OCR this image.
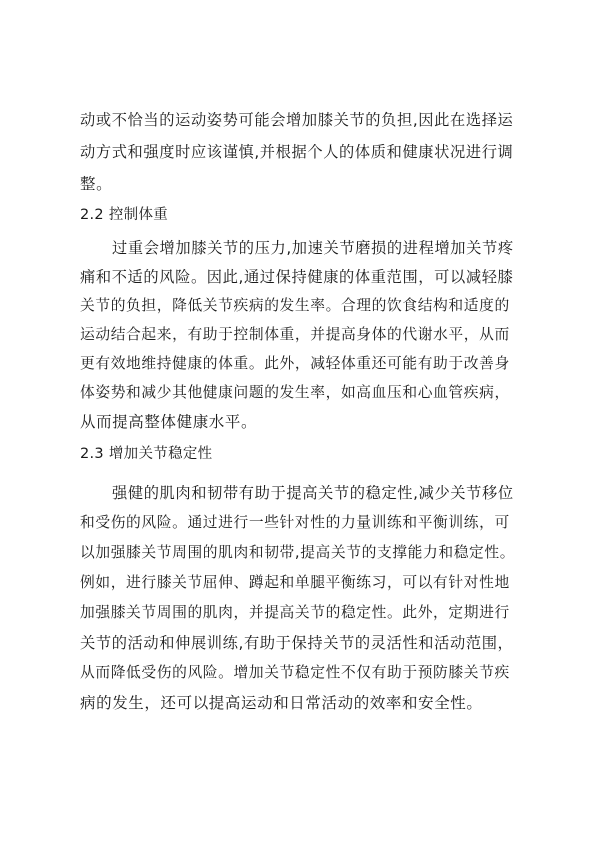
动或不恰当的运动姿势可能会增加膝关节的负担,因此在选择运
动方式和强度时应该谨慎,并根据个人的体质和健康状况进行调
整。
2.2 控制体重
过重会增加膝关节的压力,加速关节磨损的进程增加关节疼
痛和不适的风险。因此,通过保持健康的体重范围，可以减轻膝
关节的负担，降低关节疾病的发生率。合理的饮食结构和适度的
运动结合起来，有助于控制体重，并提高身体的代谢水平，从而
更有效地维持健康的体重。此外，减轻体重还可能有助于改善身
体姿势和减少其他健康问题的发生率，如高血压和心血管疾病，
从而提高整体健康水平。
2.3 增加关节稳定性
强健的肌肉和韧带有助于提高关节的稳定性,减少关节移位
和受伤的风险。通过进行一些针对性的力量训练和平衡训练，可
以加强膝关节周围的肌肉和韧带,提高关节的支撑能力和稳定性。
例如，进行膝关节屈伸、蹲起和单腿平衡练习，可以有针对性地
加强膝关节周围的肌肉，并提高关节的稳定性。此外，定期进行
关节的活动和伸展训练,有助于保持关节的灵活性和活动范围，
从而降低受伤的风险。增加关节稳定性不仅有助于预防膝关节疾
病的发生，还可以提高运动和日常活动的效率和安全性。
